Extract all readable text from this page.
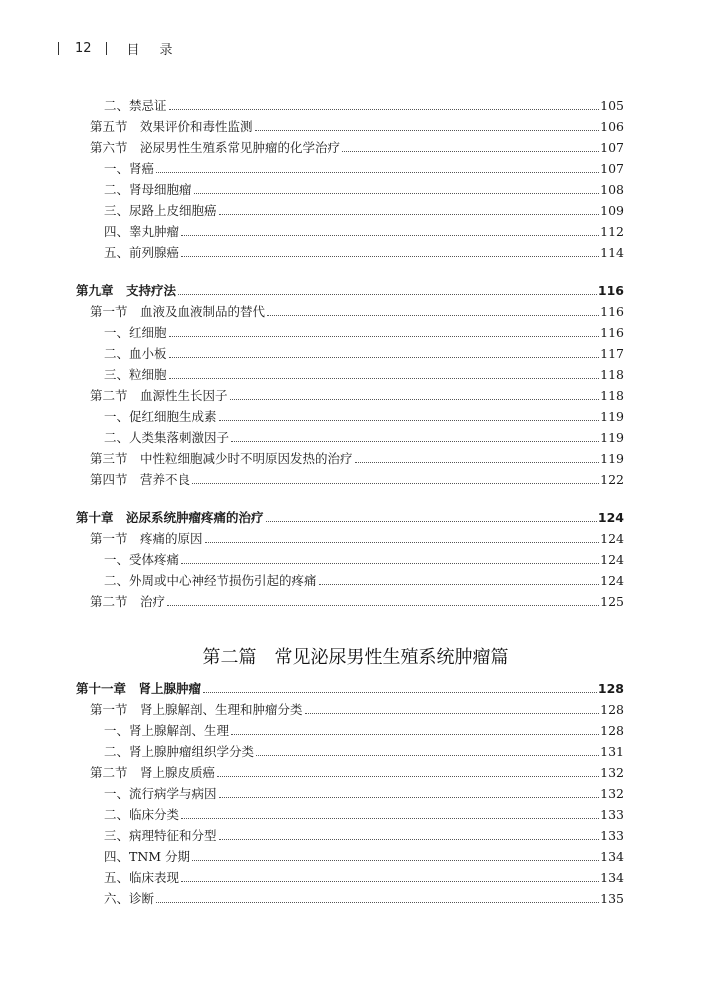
12	目录
第二篇　常见泌尿男性生殖系统肿瘤篇
二、禁忌证	105
第五节　效果评价和毒性监测	106
第六节　泌尿男性生殖系常见肿瘤的化学治疗	107
一、肾癌	107
二、肾母细胞瘤	108
三、尿路上皮细胞癌	109
四、睾丸肿瘤	112
五、前列腺癌	114
第九章　支持疗法	116
第一节　血液及血液制品的替代	116
一、红细胞	116
二、血小板	117
三、粒细胞	118
第二节　血源性生长因子	118
一、促红细胞生成素	119
二、人类集落刺激因子	119
第三节　中性粒细胞减少时不明原因发热的治疗	119
第四节　营养不良	122
第十章　泌尿系统肿瘤疼痛的治疗	124
第一节　疼痛的原因	124
一、受体疼痛	124
二、外周或中心神经节损伤引起的疼痛	124
第二节　治疗	125
第十一章　肾上腺肿瘤	128
第一节　肾上腺解剖、生理和肿瘤分类	128
一、肾上腺解剖、生理	128
二、肾上腺肿瘤组织学分类	131
第二节　肾上腺皮质癌	132
一、流行病学与病因	132
二、临床分类	133
三、病理特征和分型	133
四、TNM 分期	134
五、临床表现	134
六、诊断	135
